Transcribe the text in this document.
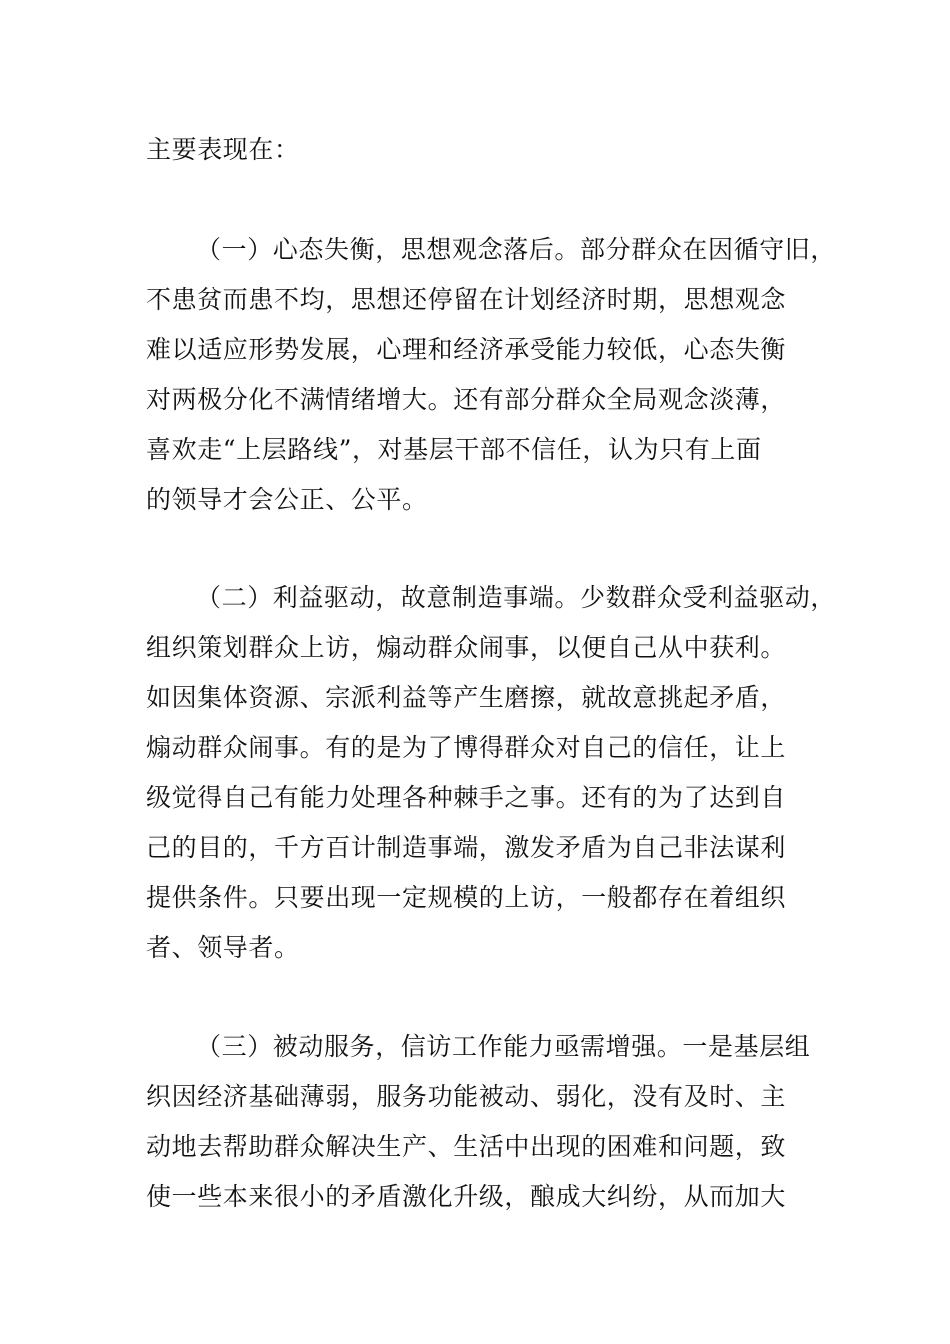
主要表现在：
（一）心态失衡，思想观念落后。部分群众在因循守旧，
不患贫而患不均，思想还停留在计划经济时期，思想观念
难以适应形势发展，心理和经济承受能力较低，心态失衡
对两极分化不满情绪增大。还有部分群众全局观念淡薄，
喜欢走“上层路线”，对基层干部不信任，认为只有上面
的领导才会公正、公平。
（二）利益驱动，故意制造事端。少数群众受利益驱动，
组织策划群众上访，煽动群众闹事，以便自己从中获利。
如因集体资源、宗派利益等产生磨擦，就故意挑起矛盾，
煽动群众闹事。有的是为了博得群众对自己的信任，让上
级觉得自己有能力处理各种棘手之事。还有的为了达到自
己的目的，千方百计制造事端，激发矛盾为自己非法谋利
提供条件。只要出现一定规模的上访，一般都存在着组织
者、领导者。
（三）被动服务，信访工作能力亟需增强。一是基层组
织因经济基础薄弱，服务功能被动、弱化，没有及时、主
动地去帮助群众解决生产、生活中出现的困难和问题，致
使一些本来很小的矛盾激化升级，酿成大纠纷，从而加大
